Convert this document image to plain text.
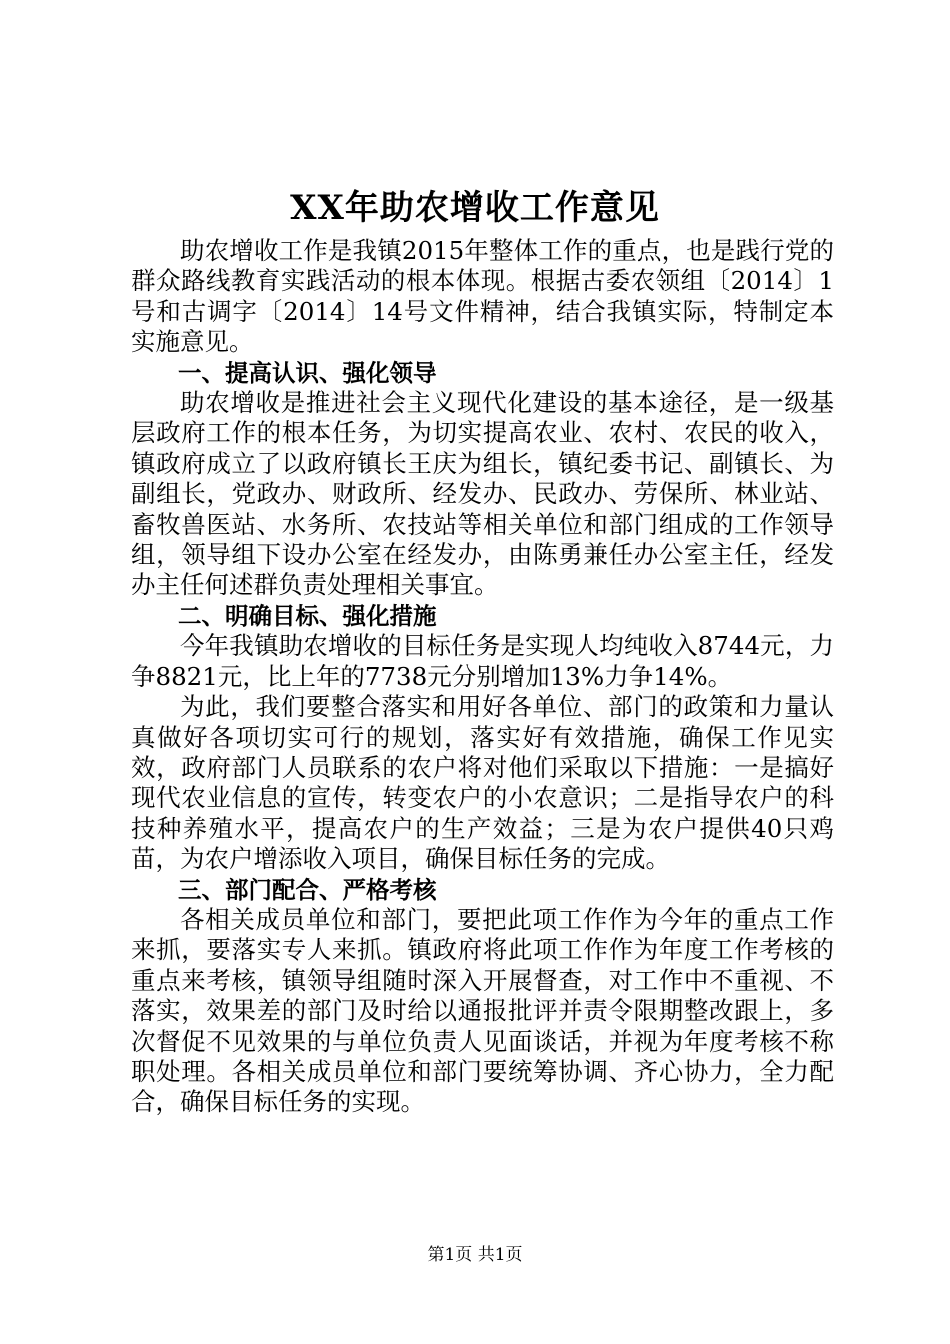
XX年助农增收工作意见

助农增收工作是我镇2015年整体工作的重点，也是践行党的群众路线教育实践活动的根本体现。根据古委农领组〔2014〕1号和古调字〔2014〕14号文件精神，结合我镇实际，特制定本实施意见。

一、提高认识、强化领导

助农增收是推进社会主义现代化建设的基本途径，是一级基层政府工作的根本任务，为切实提高农业、农村、农民的收入，镇政府成立了以政府镇长王庆为组长，镇纪委书记、副镇长、为副组长，党政办、财政所、经发办、民政办、劳保所、林业站、畜牧兽医站、水务所、农技站等相关单位和部门组成的工作领导组，领导组下设办公室在经发办，由陈勇兼任办公室主任，经发办主任何述群负责处理相关事宜。

二、明确目标、强化措施

今年我镇助农增收的目标任务是实现人均纯收入8744元，力争8821元，比上年的7738元分别增加13%力争14%。

为此，我们要整合落实和用好各单位、部门的政策和力量认真做好各项切实可行的规划，落实好有效措施，确保工作见实效，政府部门人员联系的农户将对他们采取以下措施：一是搞好现代农业信息的宣传，转变农户的小农意识；二是指导农户的科技种养殖水平，提高农户的生产效益；三是为农户提供40只鸡苗，为农户增添收入项目，确保目标任务的完成。

三、部门配合、严格考核

各相关成员单位和部门，要把此项工作作为今年的重点工作来抓，要落实专人来抓。镇政府将此项工作作为年度工作考核的重点来考核，镇领导组随时深入开展督查，对工作中不重视、不落实，效果差的部门及时给以通报批评并责令限期整改跟上，多次督促不见效果的与单位负责人见面谈话，并视为年度考核不称职处理。各相关成员单位和部门要统筹协调、齐心协力，全力配合，确保目标任务的实现。

第1页 共1页
